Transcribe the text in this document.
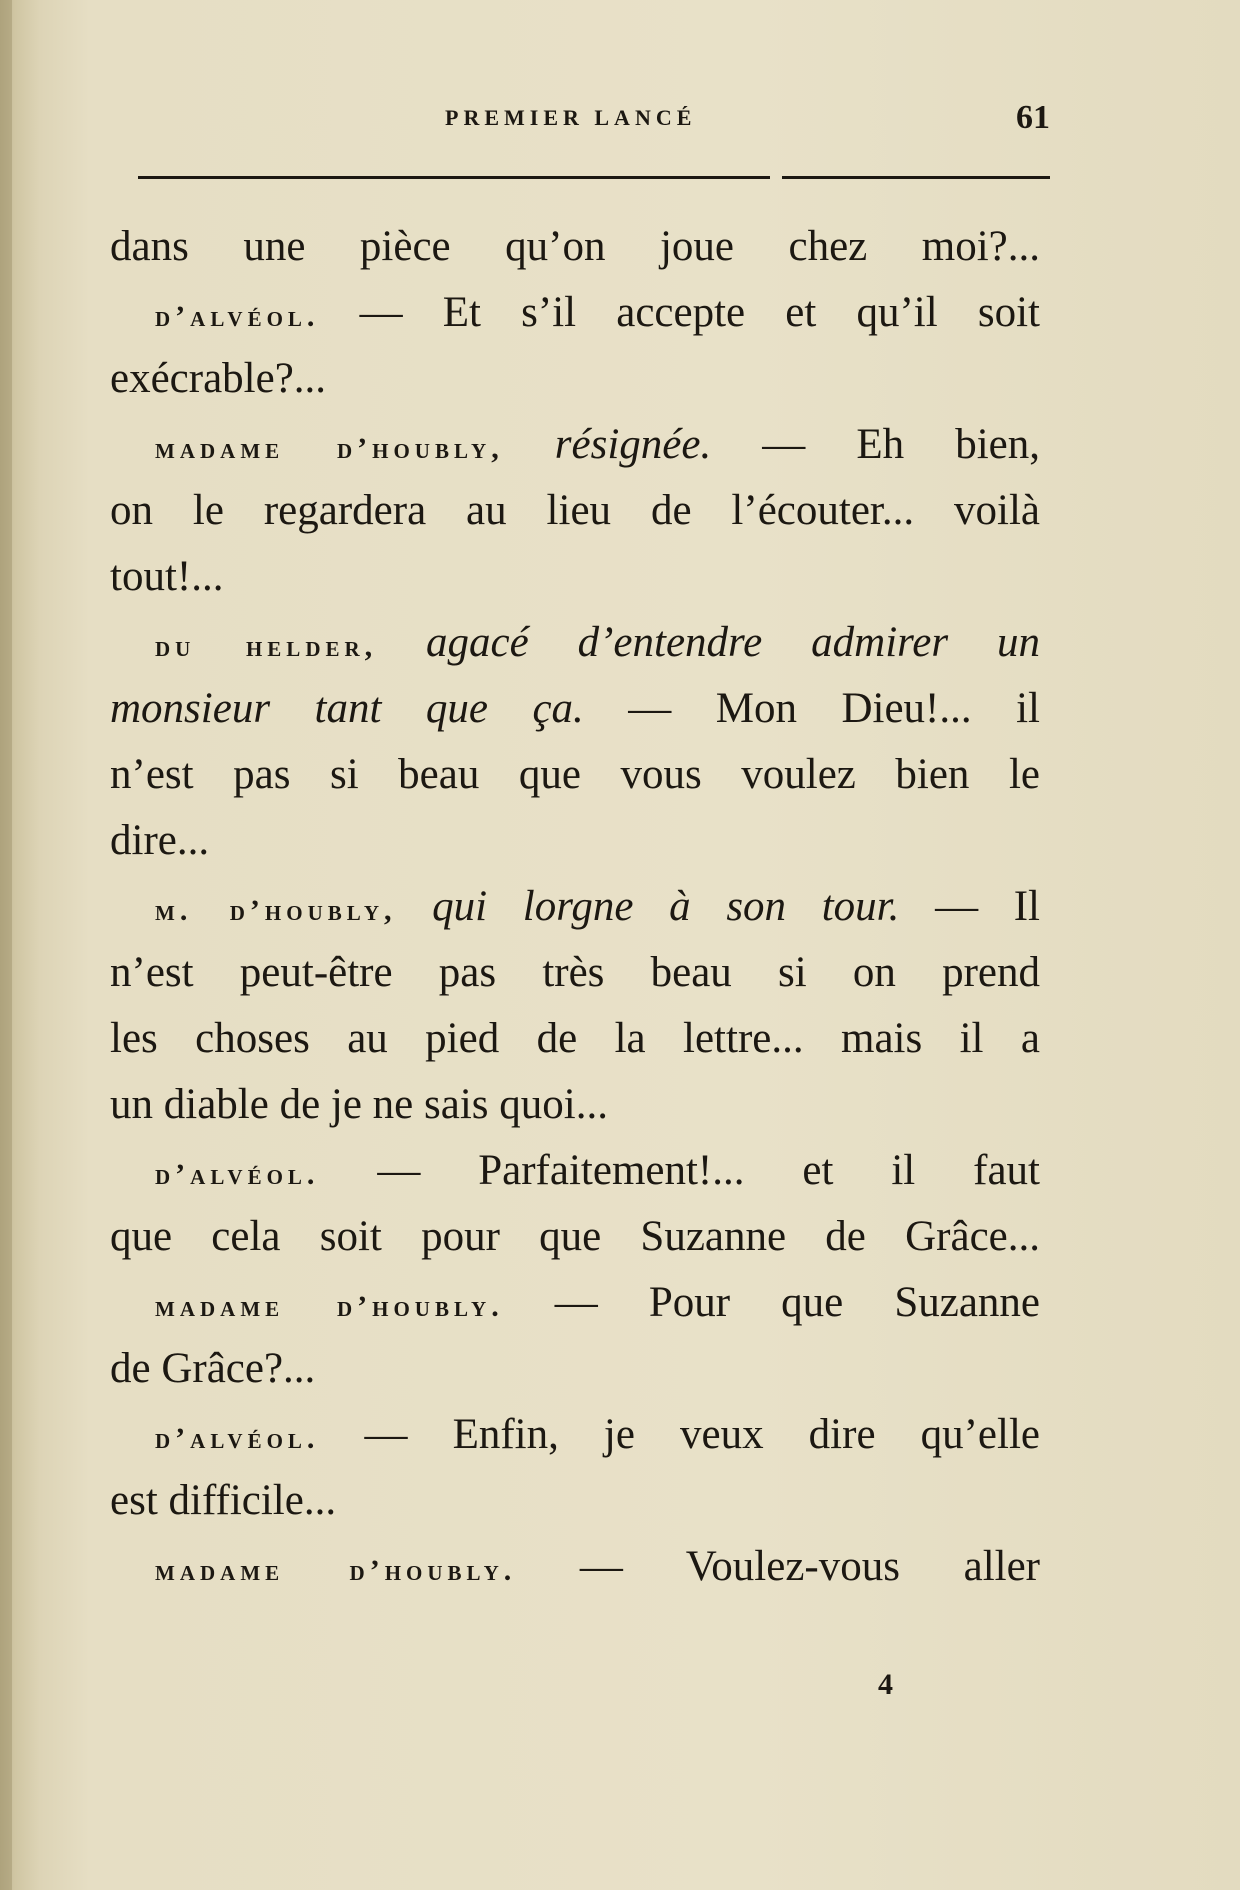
PREMIER LANCÉ	61
dans une pièce qu’on joue chez moi?...
d’alvéol. — Et s’il accepte et qu’il soit
exécrable?...
madame d’houbly, résignée. — Eh bien,
on le regardera au lieu de l’écouter... voilà
tout!...
du helder, agacé d’entendre admirer un
monsieur tant que ça. — Mon Dieu!... il
n’est pas si beau que vous voulez bien le
dire...
m. d’houbly, qui lorgne à son tour. — Il
n’est peut-être pas très beau si on prend
les choses au pied de la lettre... mais il a
un diable de je ne sais quoi...
d’alvéol. — Parfaitement!... et il faut
que cela soit pour que Suzanne de Grâce...
madame d’houbly. — Pour que Suzanne
de Grâce?...
d’alvéol. — Enfin, je veux dire qu’elle
est difficile...
madame d’houbly. — Voulez-vous aller
4
